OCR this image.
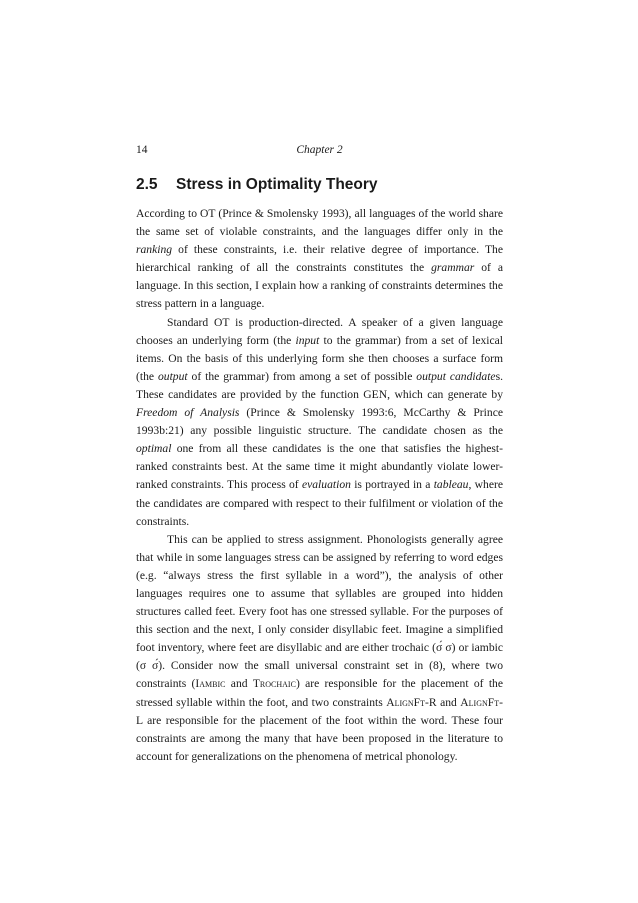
14	Chapter 2
2.5 Stress in Optimality Theory

According to OT (Prince & Smolensky 1993), all languages of the world share the same set of violable constraints, and the languages differ only in the ranking of these constraints, i.e. their relative degree of importance. The hierarchical ranking of all the constraints constitutes the grammar of a language. In this section, I explain how a ranking of constraints determines the stress pattern in a language.

Standard OT is production-directed. A speaker of a given language chooses an underlying form (the input to the grammar) from a set of lexical items. On the basis of this underlying form she then chooses a surface form (the output of the grammar) from among a set of possible output candidates. These candidates are provided by the function GEN, which can generate by Freedom of Analysis (Prince & Smolensky 1993:6, McCarthy & Prince 1993b:21) any possible linguistic structure. The candidate chosen as the optimal one from all these candidates is the one that satisfies the highest-ranked constraints best. At the same time it might abundantly violate lower-ranked constraints. This process of evaluation is portrayed in a tableau, where the candidates are compared with respect to their fulfilment or violation of the constraints.

This can be applied to stress assignment. Phonologists generally agree that while in some languages stress can be assigned by referring to word edges (e.g. “always stress the first syllable in a word”), the analysis of other languages requires one to assume that syllables are grouped into hidden structures called feet. Every foot has one stressed syllable. For the purposes of this section and the next, I only consider disyllabic feet. Imagine a simplified foot inventory, where feet are disyllabic and are either trochaic (σ́ σ) or iambic (σ σ́). Consider now the small universal constraint set in (8), where two constraints (Iambic and Trochaic) are responsible for the placement of the stressed syllable within the foot, and two constraints AlignFt-R and AlignFt-L are responsible for the placement of the foot within the word. These four constraints are among the many that have been proposed in the literature to account for generalizations on the phenomena of metrical phonology.
